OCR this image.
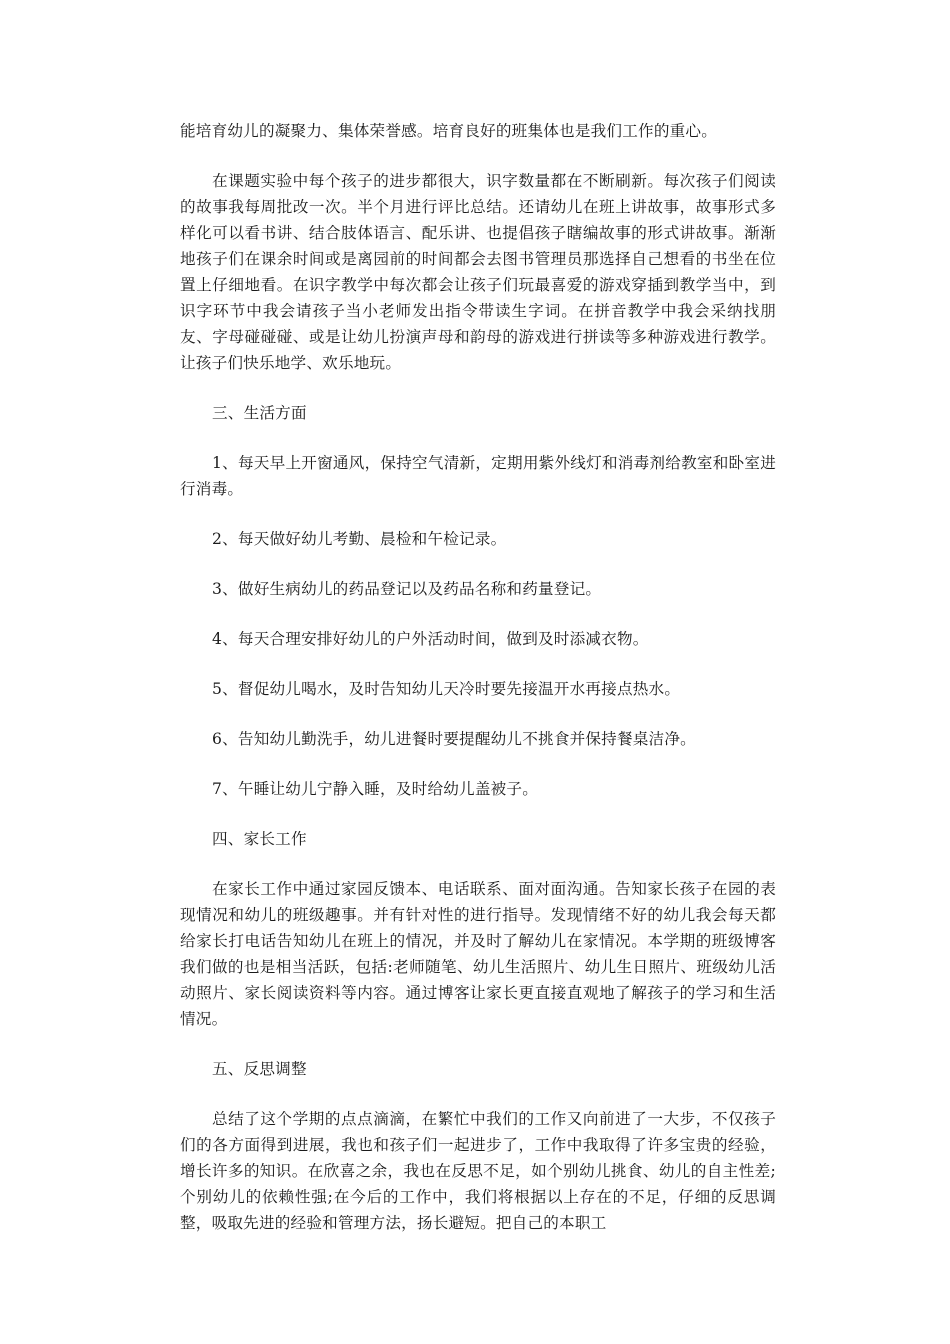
能培育幼儿的凝聚力、集体荣誉感。培育良好的班集体也是我们工作的重心。

在课题实验中每个孩子的进步都很大，识字数量都在不断刷新。每次孩子们阅读的故事我每周批改一次。半个月进行评比总结。还请幼儿在班上讲故事，故事形式多样化可以看书讲、结合肢体语言、配乐讲、也提倡孩子瞎编故事的形式讲故事。渐渐地孩子们在课余时间或是离园前的时间都会去图书管理员那选择自己想看的书坐在位置上仔细地看。在识字教学中每次都会让孩子们玩最喜爱的游戏穿插到教学当中，到识字环节中我会请孩子当小老师发出指令带读生字词。在拼音教学中我会采纳找朋友、字母碰碰碰、或是让幼儿扮演声母和韵母的游戏进行拼读等多种游戏进行教学。让孩子们快乐地学、欢乐地玩。

三、生活方面

1、每天早上开窗通风，保持空气清新，定期用紫外线灯和消毒剂给教室和卧室进行消毒。

2、每天做好幼儿考勤、晨检和午检记录。

3、做好生病幼儿的药品登记以及药品名称和药量登记。

4、每天合理安排好幼儿的户外活动时间，做到及时添减衣物。

5、督促幼儿喝水，及时告知幼儿天冷时要先接温开水再接点热水。

6、告知幼儿勤洗手，幼儿进餐时要提醒幼儿不挑食并保持餐桌洁净。

7、午睡让幼儿宁静入睡，及时给幼儿盖被子。

四、家长工作

在家长工作中通过家园反馈本、电话联系、面对面沟通。告知家长孩子在园的表现情况和幼儿的班级趣事。并有针对性的进行指导。发现情绪不好的幼儿我会每天都给家长打电话告知幼儿在班上的情况，并及时了解幼儿在家情况。本学期的班级博客我们做的也是相当活跃，包括:老师随笔、幼儿生活照片、幼儿生日照片、班级幼儿活动照片、家长阅读资料等内容。通过博客让家长更直接直观地了解孩子的学习和生活情况。

五、反思调整

总结了这个学期的点点滴滴，在繁忙中我们的工作又向前进了一大步，不仅孩子们的各方面得到进展，我也和孩子们一起进步了，工作中我取得了许多宝贵的经验，增长许多的知识。在欣喜之余，我也在反思不足，如个别幼儿挑食、幼儿的自主性差;个别幼儿的依赖性强;在今后的工作中，我们将根据以上存在的不足，仔细的反思调整，吸取先进的经验和管理方法，扬长避短。把自己的本职工
